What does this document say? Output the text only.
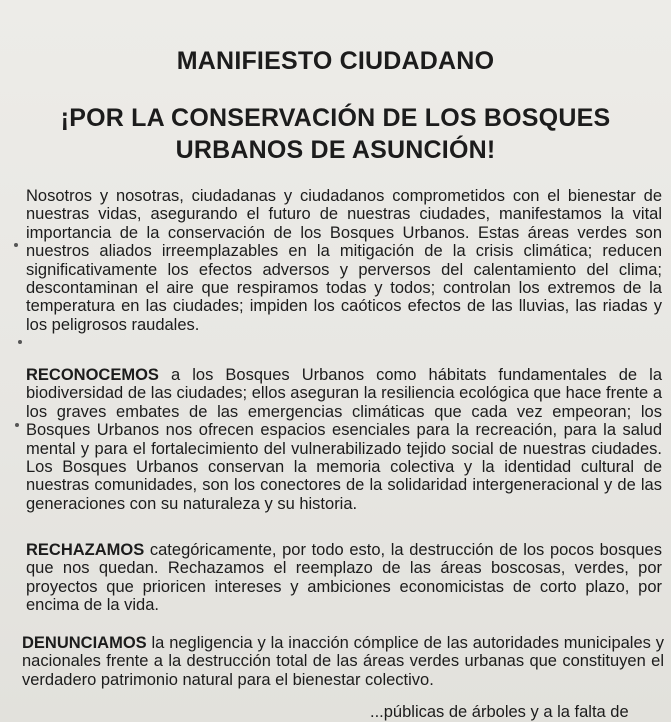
MANIFIESTO CIUDADANO
¡POR LA CONSERVACIÓN DE LOS BOSQUES URBANOS DE ASUNCIÓN!

Nosotros y nosotras, ciudadanas y ciudadanos comprometidos con el bienestar de nuestras vidas, asegurando el futuro de nuestras ciudades, manifestamos la vital importancia de la conservación de los Bosques Urbanos. Estas áreas verdes son nuestros aliados irreemplazables en la mitigación de la crisis climática; reducen significativamente los efectos adversos y perversos del calentamiento del clima; descontaminan el aire que respiramos todas y todos; controlan los extremos de la temperatura en las ciudades; impiden los caóticos efectos de las lluvias, las riadas y los peligrosos raudales.

RECONOCEMOS a los Bosques Urbanos como hábitats fundamentales de la biodiversidad de las ciudades; ellos aseguran la resiliencia ecológica que hace frente a los graves embates de las emergencias climáticas que cada vez empeoran; los Bosques Urbanos nos ofrecen espacios esenciales para la recreación, para la salud mental y para el fortalecimiento del vulnerabilizado tejido social de nuestras ciudades. Los Bosques Urbanos conservan la memoria colectiva y la identidad cultural de nuestras comunidades, son los conectores de la solidaridad intergeneracional y de las generaciones con su naturaleza y su historia.

RECHAZAMOS categóricamente, por todo esto, la destrucción de los pocos bosques que nos quedan. Rechazamos el reemplazo de las áreas boscosas, verdes, por proyectos que prioricen intereses y ambiciones economicistas de corto plazo, por encima de la vida.

DENUNCIAMOS la negligencia y la inacción cómplice de las autoridades municipales y nacionales frente a la destrucción total de las áreas verdes urbanas que constituyen el verdadero patrimonio natural para el bienestar colectivo.

...públicas de árboles y a la falta de
